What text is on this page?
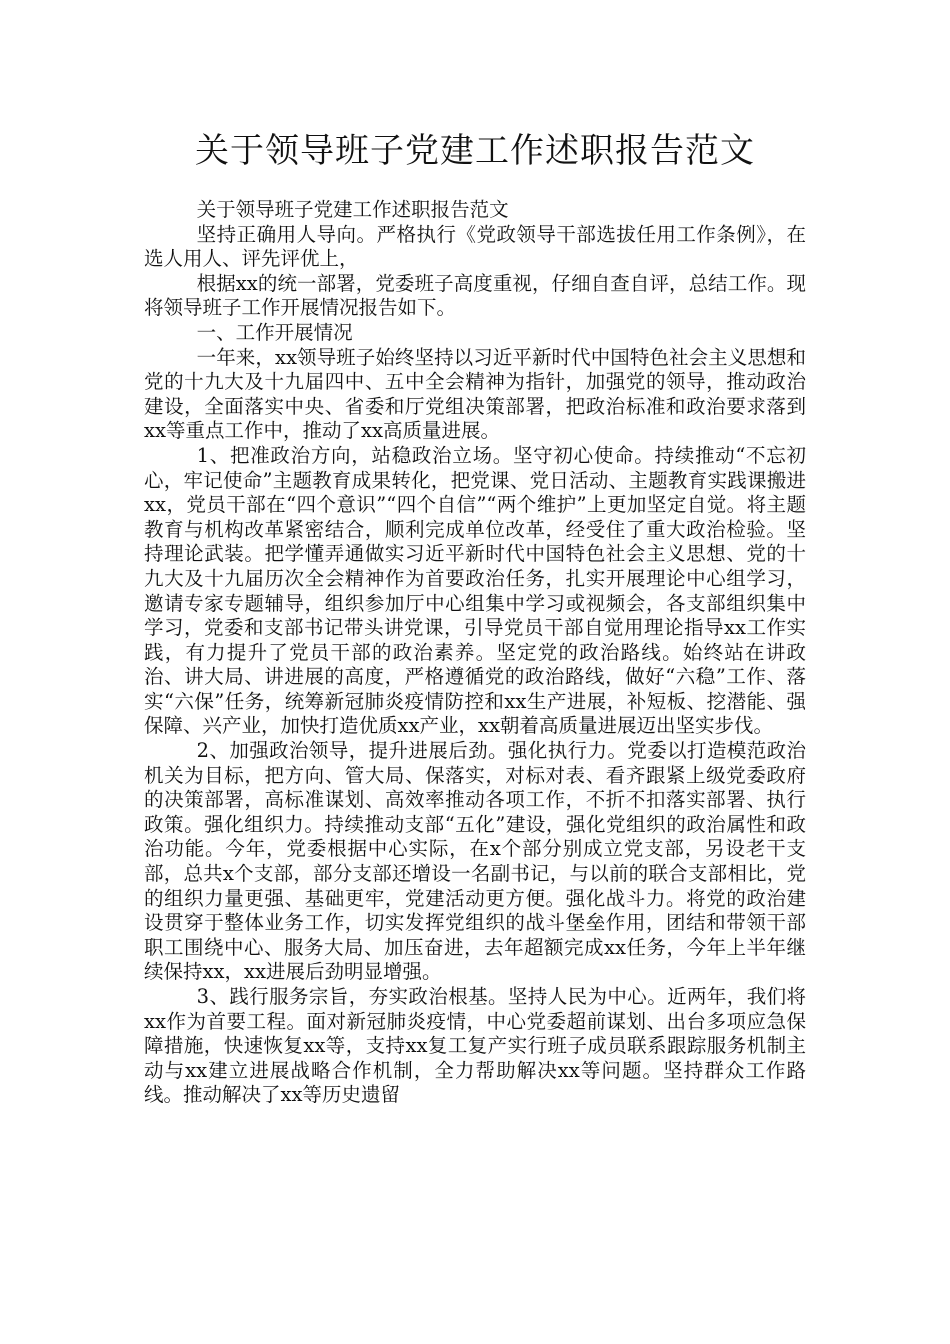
关于领导班子党建工作述职报告范文

关于领导班子党建工作述职报告范文

坚持正确用人导向。严格执行《党政领导干部选拔任用工作条例》，在选人用人、评先评优上，

根据xx的统一部署，党委班子高度重视，仔细自查自评，总结工作。现将领导班子工作开展情况报告如下。

一、工作开展情况

一年来，xx领导班子始终坚持以习近平新时代中国特色社会主义思想和党的十九大及十九届四中、五中全会精神为指针，加强党的领导，推动政治建设，全面落实中央、省委和厅党组决策部署，把政治标准和政治要求落到xx等重点工作中，推动了xx高质量进展。

1、把准政治方向，站稳政治立场。坚守初心使命。持续推动“不忘初心，牢记使命”主题教育成果转化，把党课、党日活动、主题教育实践课搬进xx，党员干部在“四个意识”“四个自信”“两个维护”上更加坚定自觉。将主题教育与机构改革紧密结合，顺利完成单位改革，经受住了重大政治检验。坚持理论武装。把学懂弄通做实习近平新时代中国特色社会主义思想、党的十九大及十九届历次全会精神作为首要政治任务，扎实开展理论中心组学习，邀请专家专题辅导，组织参加厅中心组集中学习或视频会，各支部组织集中学习，党委和支部书记带头讲党课，引导党员干部自觉用理论指导xx工作实践，有力提升了党员干部的政治素养。坚定党的政治路线。始终站在讲政治、讲大局、讲进展的高度，严格遵循党的政治路线，做好“六稳”工作、落实“六保”任务，统筹新冠肺炎疫情防控和xx生产进展，补短板、挖潜能、强保障、兴产业，加快打造优质xx产业，xx朝着高质量进展迈出坚实步伐。

2、加强政治领导，提升进展后劲。强化执行力。党委以打造模范政治机关为目标，把方向、管大局、保落实，对标对表、看齐跟紧上级党委政府的决策部署，高标准谋划、高效率推动各项工作，不折不扣落实部署、执行政策。强化组织力。持续推动支部“五化”建设，强化党组织的政治属性和政治功能。今年，党委根据中心实际，在x个部分别成立党支部，另设老干支部，总共x个支部，部分支部还增设一名副书记，与以前的联合支部相比，党的组织力量更强、基础更牢，党建活动更方便。强化战斗力。将党的政治建设贯穿于整体业务工作，切实发挥党组织的战斗堡垒作用，团结和带领干部职工围绕中心、服务大局、加压奋进，去年超额完成xx任务，今年上半年继续保持xx，xx进展后劲明显增强。

3、践行服务宗旨，夯实政治根基。坚持人民为中心。近两年，我们将xx作为首要工程。面对新冠肺炎疫情，中心党委超前谋划、出台多项应急保障措施，快速恢复xx等，支持xx复工复产实行班子成员联系跟踪服务机制主动与xx建立进展战略合作机制，全力帮助解决xx等问题。坚持群众工作路线。推动解决了xx等历史遗留
